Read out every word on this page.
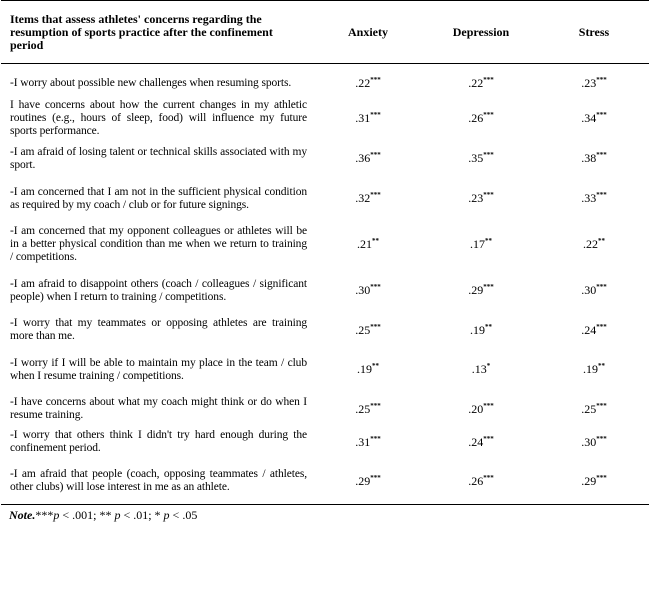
Items that assess athletes' concerns regarding the resumption of sports practice after the confinement period	Anxiety	Depression	Stress
-I worry about possible new challenges when resuming sports.	.22***	.22***	.23***
I have concerns about how the current changes in my athletic routines (e.g., hours of sleep, food) will influence my future sports performance.	.31***	.26***	.34***
-I am afraid of losing talent or technical skills associated with my sport.	.36***	.35***	.38***
-I am concerned that I am not in the sufficient physical condition as required by my coach / club or for future signings.	.32***	.23***	.33***
-I am concerned that my opponent colleagues or athletes will be in a better physical condition than me when we return to training / competitions.	.21**	.17**	.22**
-I am afraid to disappoint others (coach / colleagues / significant people) when I return to training / competitions.	.30***	.29***	.30***
-I worry that my teammates or opposing athletes are training more than me.	.25***	.19**	.24***
-I worry if I will be able to maintain my place in the team / club when I resume training / competitions.	.19**	.13*	.19**
-I have concerns about what my coach might think or do when I resume training.	.25***	.20***	.25***
-I worry that others think I didn't try hard enough during the confinement period.	.31***	.24***	.30***
-I am afraid that people (coach, opposing teammates / athletes, other clubs) will lose interest in me as an athlete.	.29***	.26***	.29***
Note.***p < .001; ** p < .01; * p < .05
